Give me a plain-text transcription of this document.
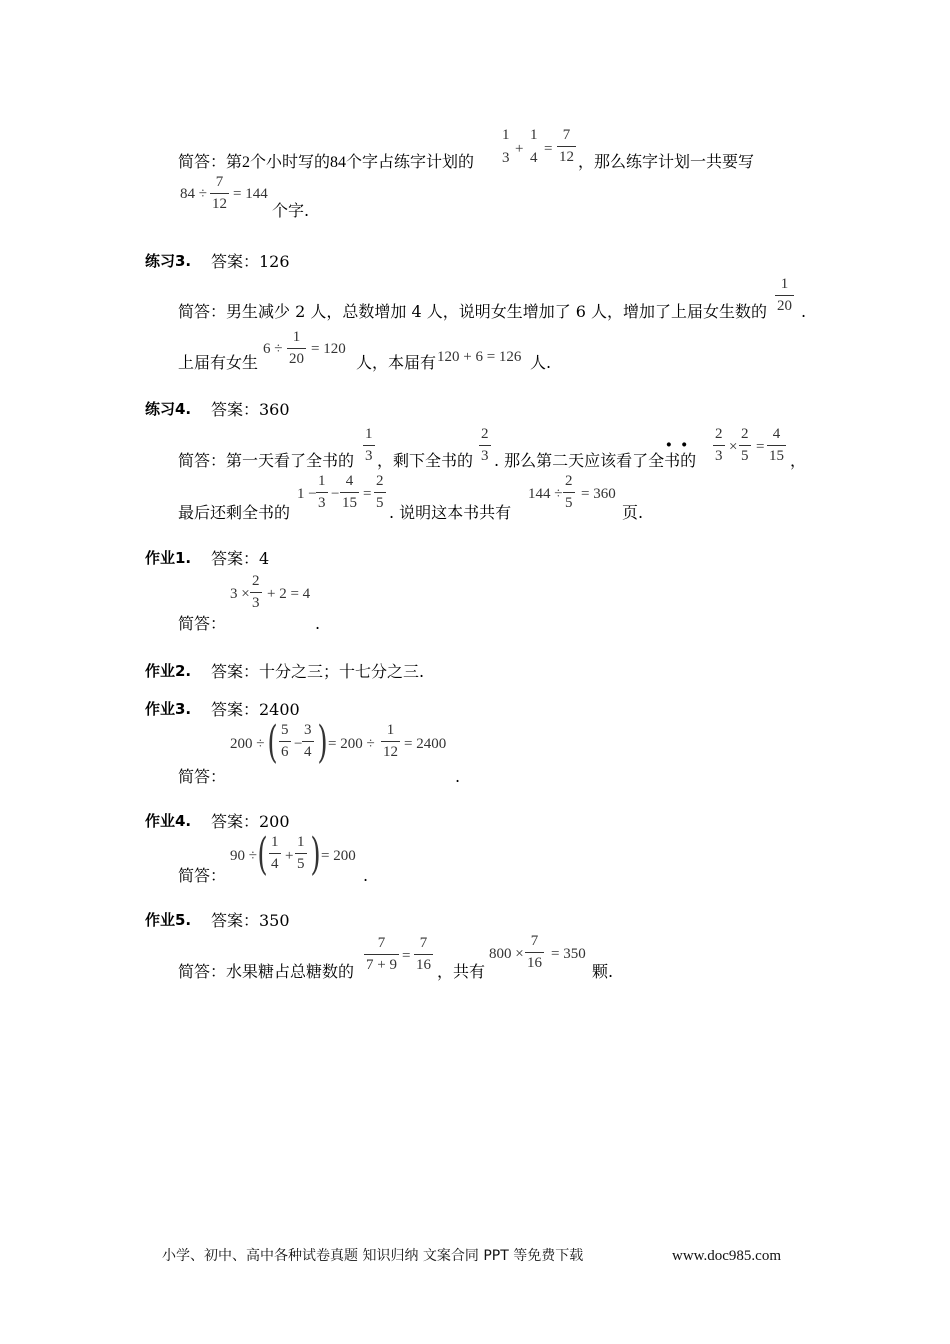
简答：第2个小时写的84个字占练字计划的
1
3
+
1
4
=
7
12 ，那么练字计划一共要写
84 ÷
7
12
= 144
个字.
练习3. 答案：126
简答：男生减少 2 人，总数增加 4 人，说明女生增加了 6 人，增加了上届女生数的
1
20 .
上届有女生
6 ÷
1
20
= 120
人，本届有 120 + 6 = 126 人.
练习4. 答案：360
简答：第一天看了全书的
1
3 ，剩下全书的
2
3 . 那么第二天应该看了全书的
· · 2
3
×
2
5
=
4
15 ，
最后还剩全书的
1 −
1
3
−
4
15
=
2
5 . 说明这本书共有
144 ÷
2
5
= 360
页.
作业1. 答案：4
3 ×
2
3
+ 2 = 4
简答：	.
作业2. 答案：十分之三；十七分之三.
作业3. 答案：2400
200 ÷ ( 5
6 −
3
4 ) = 200 ÷
1
12 = 2400
简答：	.
作业4. 答案：200
90 ÷ ( 1
4 +
1
5 ) = 200
简答：	.
作业5. 答案：350
简答：水果糖占总糖数的
7
7 + 9
=
7
16 ，共有
800 ×
7
16
= 350
颗.
小学、初中、高中各种试卷真题 知识归纳 文案合同 PPT 等免费下载	www.doc985.com
